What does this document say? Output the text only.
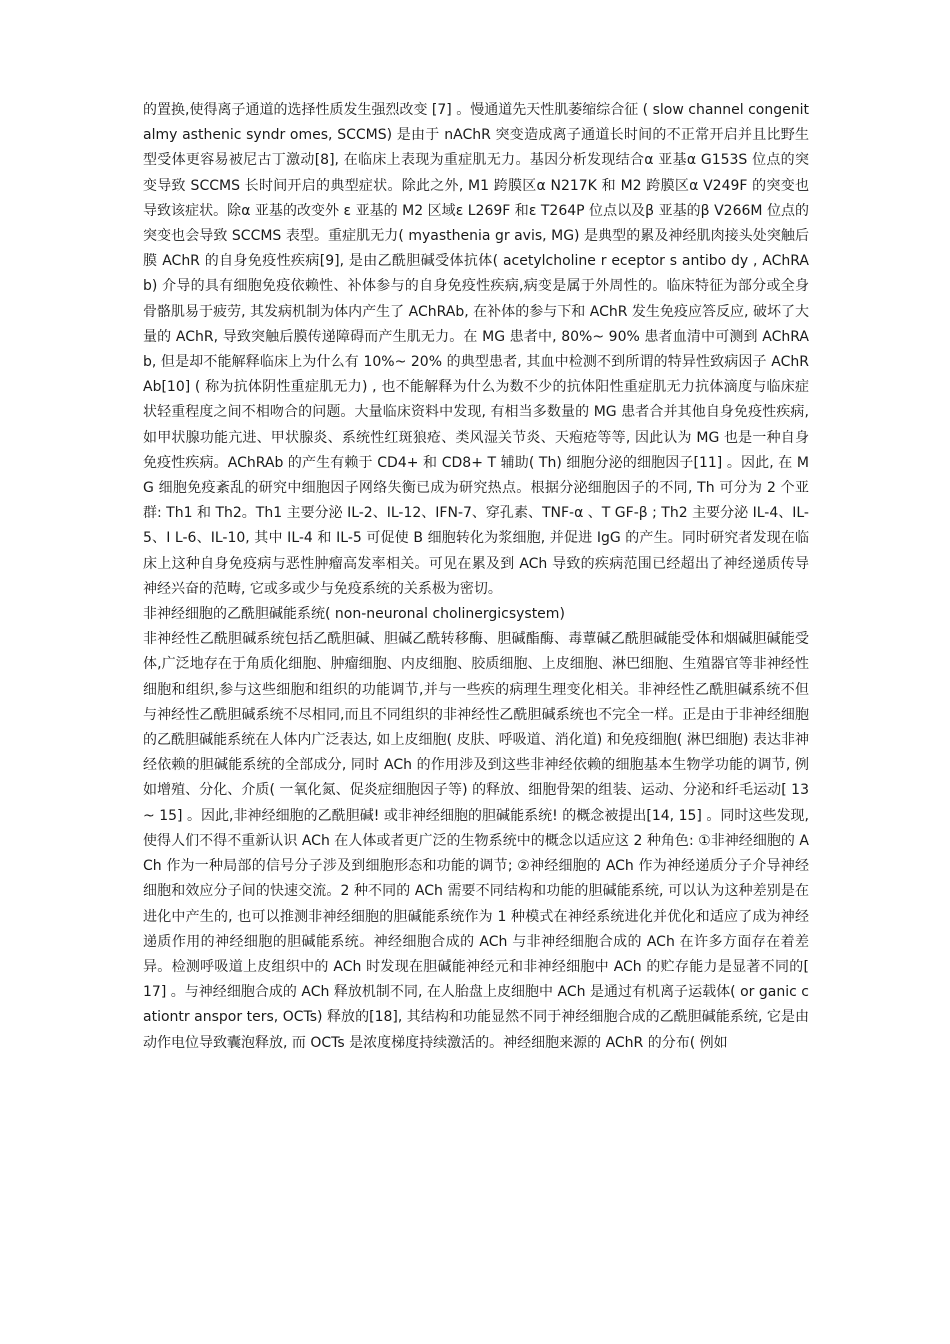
的置换,使得离子通道的选择性质发生强烈改变 [7] 。慢通道先天性肌萎缩综合征 ( slow channel congenitalmy asthenic syndr omes, SCCMS) 是由于 nAChR 突变造成离子通道长时间的不正常开启并且比野生型受体更容易被尼古丁激动[8], 在临床上表现为重症肌无力。基因分析发现结合α 亚基α G153S 位点的突变导致 SCCMS 长时间开启的典型症状。除此之外, M1 跨膜区α N217K 和 M2 跨膜区α V249F 的突变也导致该症状。除α 亚基的改变外 ε 亚基的 M2 区域ε L269F 和ε T264P 位点以及β 亚基的β V266M 位点的突变也会导致 SCCMS 表型。重症肌无力( myasthenia gr avis, MG) 是典型的累及神经肌肉接头处突触后膜 AChR 的自身免疫性疾病[9], 是由乙酰胆碱受体抗体( acetylcholine r eceptor s antibo dy , AChRAb) 介导的具有细胞免疫依赖性、补体参与的自身免疫性疾病,病变是属于外周性的。临床特征为部分或全身骨骼肌易于疲劳, 其发病机制为体内产生了 AChRAb, 在补体的参与下和 AChR 发生免疫应答反应, 破坏了大量的 AChR, 导致突触后膜传递障碍而产生肌无力。在 MG 患者中, 80%~ 90% 患者血清中可测到 AChRAb, 但是却不能解释临床上为什么有 10%~ 20% 的典型患者, 其血中检测不到所谓的特异性致病因子 AChRAb[10] ( 称为抗体阴性重症肌无力) , 也不能解释为什么为数不少的抗体阳性重症肌无力抗体滴度与临床症状轻重程度之间不相吻合的问题。大量临床资料中发现, 有相当多数量的 MG 患者合并其他自身免疫性疾病, 如甲状腺功能亢进、甲状腺炎、系统性红斑狼疮、类风湿关节炎、天疱疮等等, 因此认为 MG 也是一种自身免疫性疾病。AChRAb 的产生有赖于 CD4+ 和 CD8+ T 辅助( Th) 细胞分泌的细胞因子[11] 。因此, 在 MG 细胞免疫紊乱的研究中细胞因子网络失衡已成为研究热点。根据分泌细胞因子的不同, Th 可分为 2 个亚群: Th1 和 Th2。Th1 主要分泌 IL-2、IL-12、IFN-7、穿孔素、TNF-α 、T GF-β ; Th2 主要分泌 IL-4、IL-5、I L-6、IL-10, 其中 IL-4 和 IL-5 可促使 B 细胞转化为浆细胞, 并促进 IgG 的产生。同时研究者发现在临床上这种自身免疫病与恶性肿瘤高发率相关。可见在累及到 ACh 导致的疾病范围已经超出了神经递质传导神经兴奋的范畴, 它或多或少与免疫系统的关系极为密切。

非神经细胞的乙酰胆碱能系统( non-neuronal cholinergicsystem)

非神经性乙酰胆碱系统包括乙酰胆碱、胆碱乙酰转移酶、胆碱酯酶、毒蕈碱乙酰胆碱能受体和烟碱胆碱能受体,广泛地存在于角质化细胞、肿瘤细胞、内皮细胞、胶质细胞、上皮细胞、淋巴细胞、生殖器官等非神经性细胞和组织,参与这些细胞和组织的功能调节,并与一些疾的病理生理变化相关。非神经性乙酰胆碱系统不但与神经性乙酰胆碱系统不尽相同,而且不同组织的非神经性乙酰胆碱系统也不完全一样。正是由于非神经细胞的乙酰胆碱能系统在人体内广泛表达, 如上皮细胞( 皮肤、呼吸道、消化道) 和免疫细胞( 淋巴细胞) 表达非神经依赖的胆碱能系统的全部成分, 同时 ACh 的作用涉及到这些非神经依赖的细胞基本生物学功能的调节, 例如增殖、分化、介质( 一氧化氮、促炎症细胞因子等) 的释放、细胞骨架的组装、运动、分泌和纤毛运动[ 13~ 15] 。因此,非神经细胞的乙酰胆碱! 或非神经细胞的胆碱能系统! 的概念被提出[14, 15] 。同时这些发现, 使得人们不得不重新认识 ACh 在人体或者更广泛的生物系统中的概念以适应这 2 种角色: ①非神经细胞的 ACh 作为一种局部的信号分子涉及到细胞形态和功能的调节; ②神经细胞的 ACh 作为神经递质分子介导神经细胞和效应分子间的快速交流。2 种不同的 ACh 需要不同结构和功能的胆碱能系统, 可以认为这种差别是在进化中产生的, 也可以推测非神经细胞的胆碱能系统作为 1 种模式在神经系统进化并优化和适应了成为神经递质作用的神经细胞的胆碱能系统。神经细胞合成的 ACh 与非神经细胞合成的 ACh 在许多方面存在着差异。检测呼吸道上皮组织中的 ACh 时发现在胆碱能神经元和非神经细胞中 ACh 的贮存能力是显著不同的[ 17] 。与神经细胞合成的 ACh 释放机制不同, 在人胎盘上皮细胞中 ACh 是通过有机离子运载体( or ganic cationtr anspor ters, OCTs) 释放的[18], 其结构和功能显然不同于神经细胞合成的乙酰胆碱能系统, 它是由动作电位导致囊泡释放, 而 OCTs 是浓度梯度持续激活的。神经细胞来源的 AChR 的分布( 例如
